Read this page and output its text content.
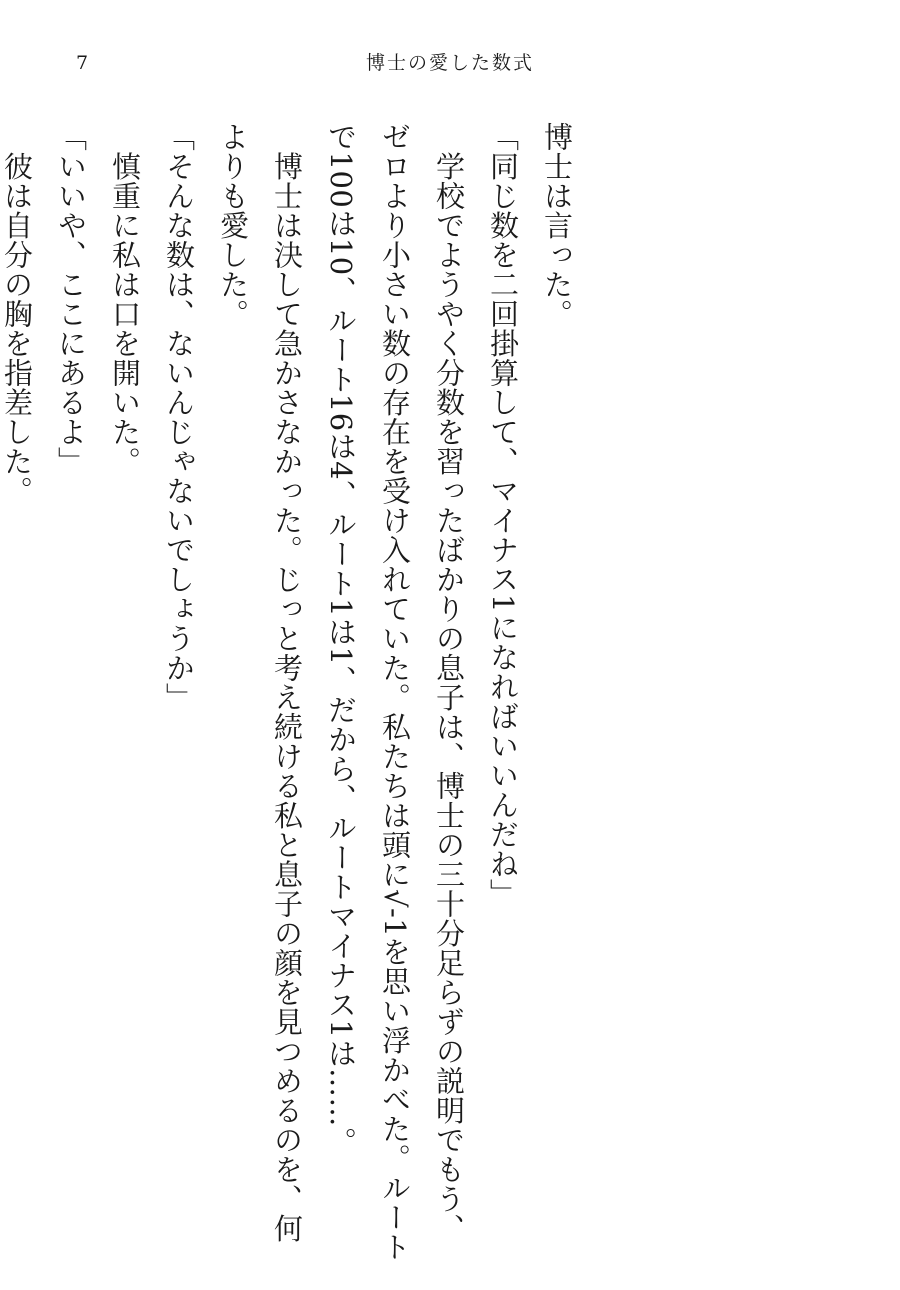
7	博士の愛した数式

博士は言った。

「同じ数を二回掛算して、マイナス1になればいいんだね」

　学校でようやく分数を習ったばかりの息子は、博士の三十分足らずの説明でもう、ゼロより小さい数の存在を受け入れていた。私たちは頭に√-1を思い浮かべた。ルートで100は10、ルート16は4、ルート1は1、だから、ルートマイナス1は……。

　博士は決して急かさなかった。じっと考え続ける私と息子の顔を見つめるのを、何よりも愛した。

「そんな数は、ないんじゃないでしょうか」

　慎重に私は口を開いた。

「いいや、ここにあるよ」

　彼は自分の胸を指差した。
